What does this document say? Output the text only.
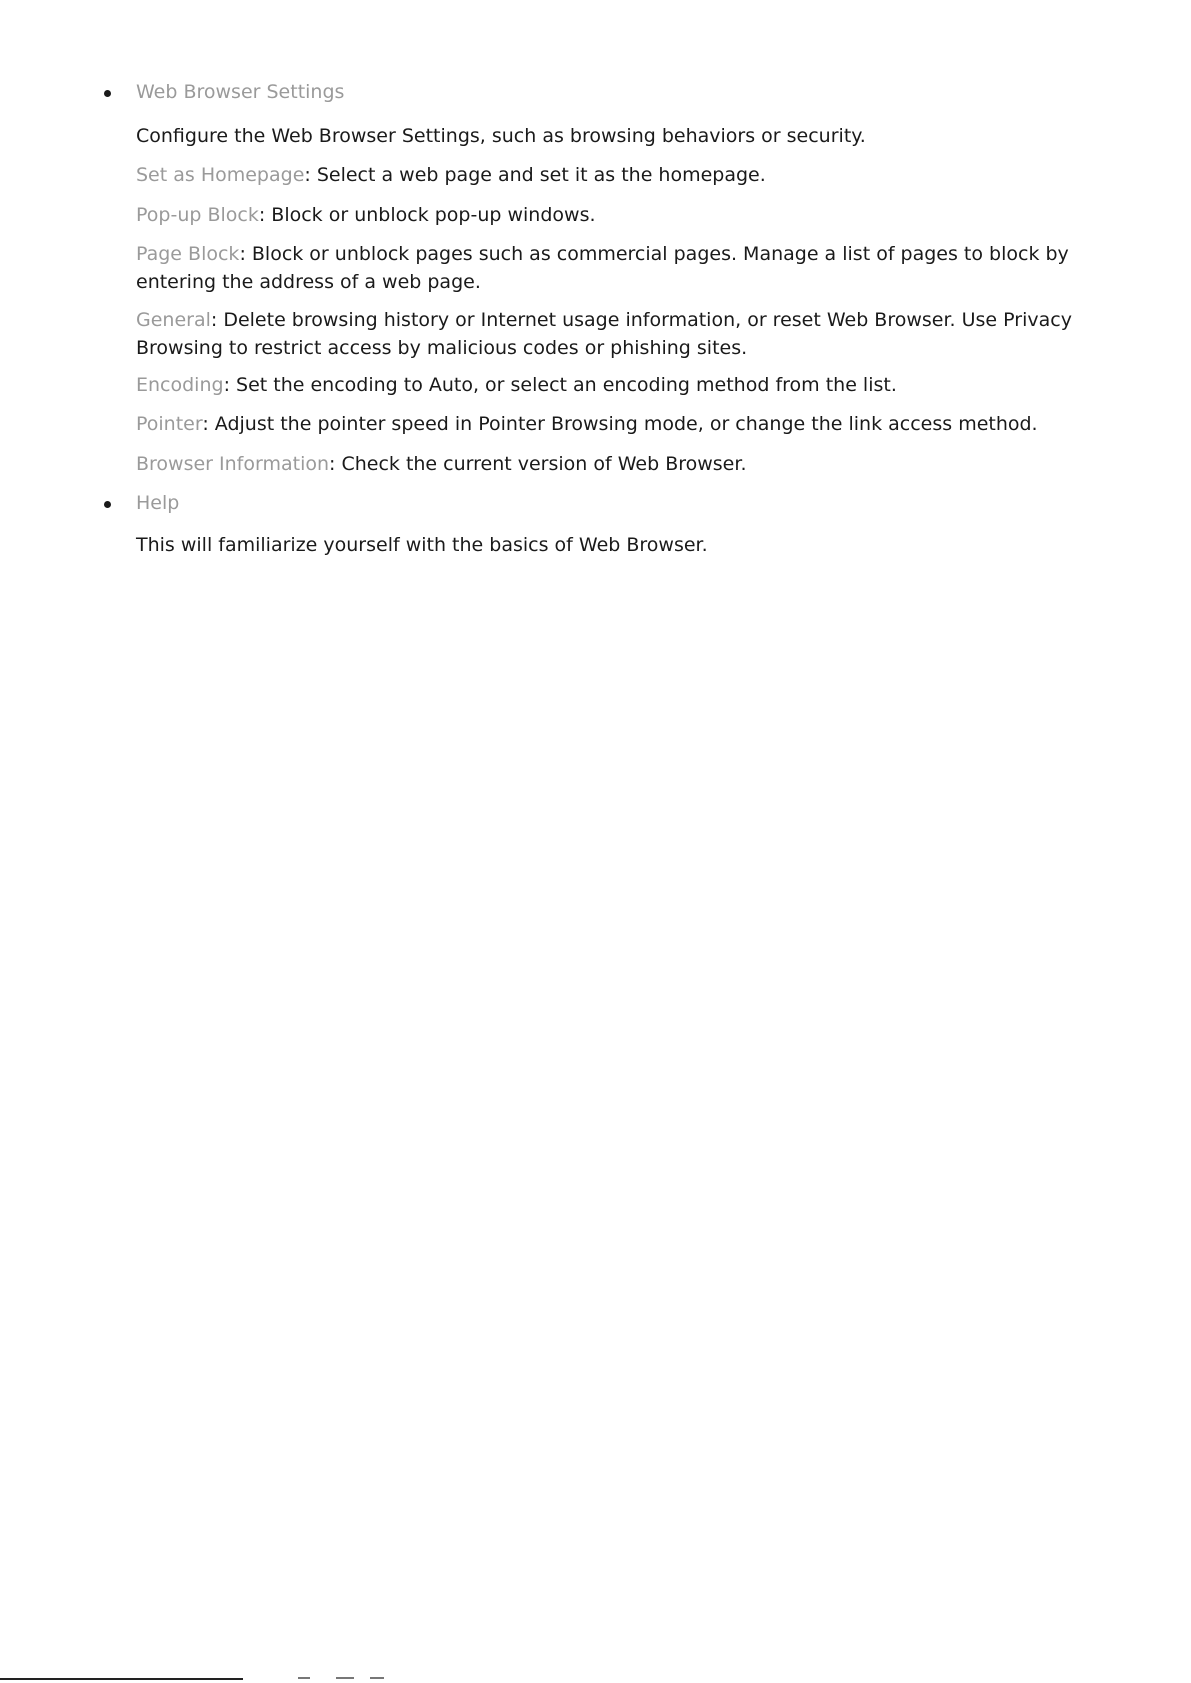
Web Browser Settings

Configure the Web Browser Settings, such as browsing behaviors or security.

Set as Homepage: Select a web page and set it as the homepage.

Pop-up Block: Block or unblock pop-up windows.

Page Block: Block or unblock pages such as commercial pages. Manage a list of pages to block by entering the address of a web page.

General: Delete browsing history or Internet usage information, or reset Web Browser. Use Privacy Browsing to restrict access by malicious codes or phishing sites.

Encoding: Set the encoding to Auto, or select an encoding method from the list.

Pointer: Adjust the pointer speed in Pointer Browsing mode, or change the link access method.

Browser Information: Check the current version of Web Browser.

Help

This will familiarize yourself with the basics of Web Browser.
